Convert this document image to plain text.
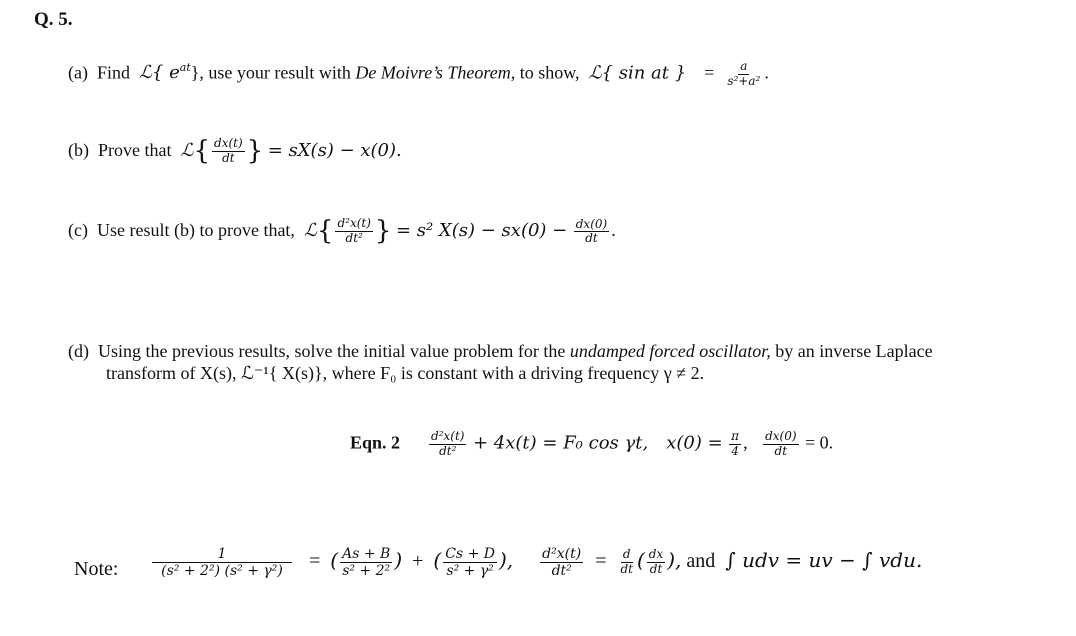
Q. 5.
(a) Find ℒ{ $e^{at}$}, use your result with De Moivre’s Theorem, to show, ℒ{ sin at } = $\frac{a}{\text{s²+a²}}$ .
(b) Prove that ℒ{ $\frac{dx(t)}{dt}$ } = sX(s) − x(0).
(c) Use result (b) to prove that, ℒ{ $\frac{\text{d²x(t)}}{\text{dt²}}$ } = s² $X(s) - sx(0) - \frac{dx(0)}{dt}$ .
(d) Using the previous results, solve the initial value problem for the undamped forced oscillator, by an inverse Laplace
transform of X(s), ℒ⁻¹{ X(s)}, where F₀ is constant with a driving frequency γ ≠ 2.
Eqn. $2 \frac{\text{d²x(t)}}{\text{dt²}} + 4x(t) = F_0$ cos γt, $x(0) = \frac{\pi}{4}$ , $\frac{dx(0)}{dt} = 0$.
Note: $\frac{1}{\text{(s² + 2²) (s² + γ²)}}$ = ( $\frac{As + B}{\text{s² + 2²}}$ ) + ( $\frac{Cs + D}{\text{s² + γ²}}$ ), $\frac{\text{d²x(t)}}{\text{dt²}} = \frac{d}{dt}$ ( $\frac{dx}{dt}$ ), and ∫ udv = uv − ∫ vdu.
